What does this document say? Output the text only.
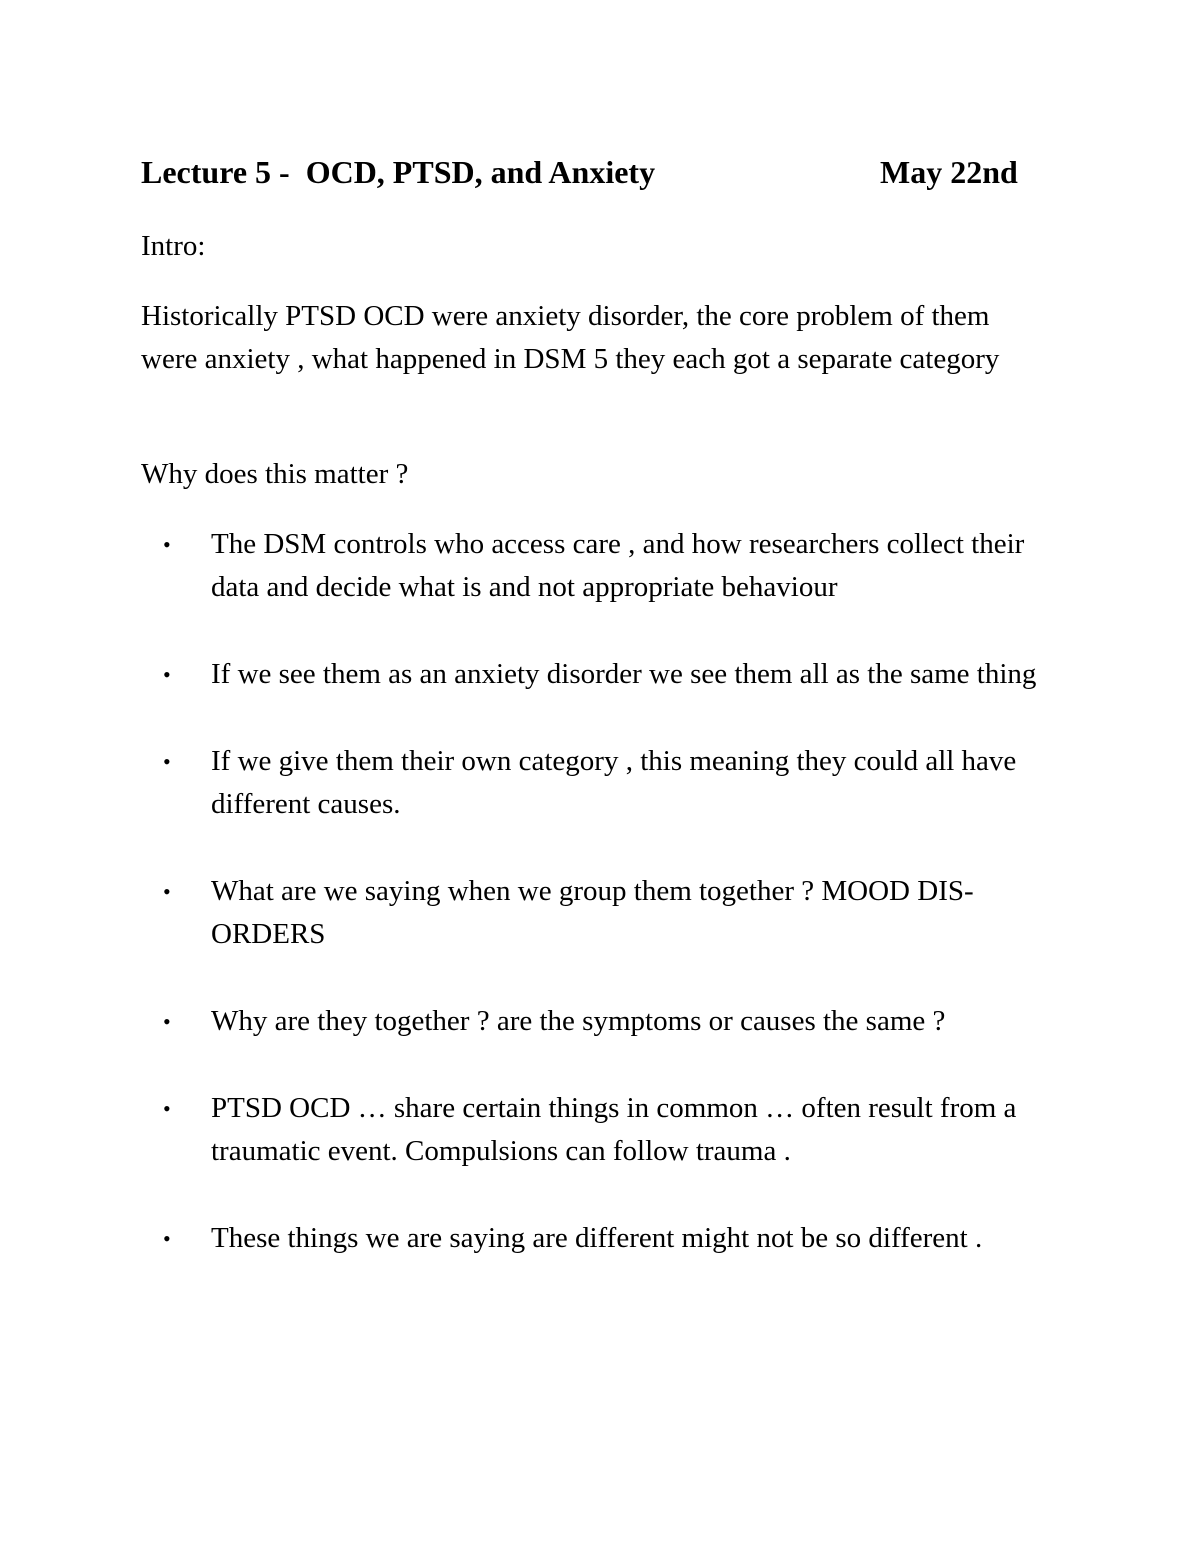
Lecture 5 -  OCD, PTSD, and Anxiety	May 22nd

Intro:

Historically PTSD OCD were anxiety disorder, the core problem of them were anxiety , what happened in DSM 5 they each got a separate category

Why does this matter ?

• The DSM controls who access care , and how researchers collect their data and decide what is and not appropriate behaviour
• If we see them as an anxiety disorder we see them all as the same thing
• If we give them their own category , this meaning they could all have different causes.
• What are we saying when we group them together ? MOOD DIS-ORDERS
• Why are they together ? are the symptoms or causes the same ?
• PTSD OCD … share certain things in common … often result from a traumatic event. Compulsions can follow trauma .
• These things we are saying are different might not be so different .
